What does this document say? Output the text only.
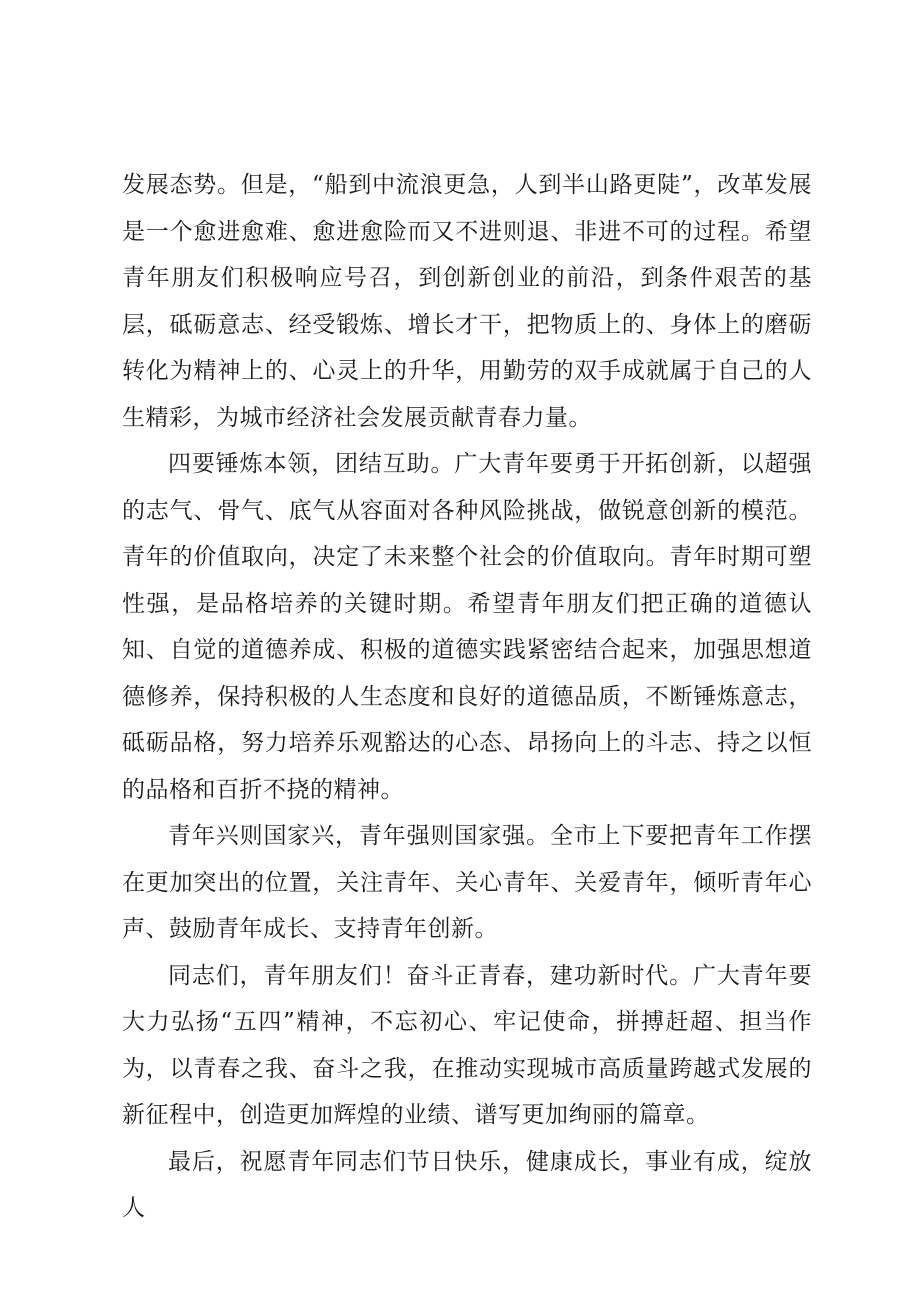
发展态势。但是，“船到中流浪更急，人到半山路更陡”，改革发展是一个愈进愈难、愈进愈险而又不进则退、非进不可的过程。希望青年朋友们积极响应号召，到创新创业的前沿，到条件艰苦的基层，砥砺意志、经受锻炼、增长才干，把物质上的、身体上的磨砺转化为精神上的、心灵上的升华，用勤劳的双手成就属于自己的人生精彩，为城市经济社会发展贡献青春力量。

四要锤炼本领，团结互助。广大青年要勇于开拓创新，以超强的志气、骨气、底气从容面对各种风险挑战，做锐意创新的模范。青年的价值取向，决定了未来整个社会的价值取向。青年时期可塑性强，是品格培养的关键时期。希望青年朋友们把正确的道德认知、自觉的道德养成、积极的道德实践紧密结合起来，加强思想道德修养，保持积极的人生态度和良好的道德品质，不断锤炼意志，砥砺品格，努力培养乐观豁达的心态、昂扬向上的斗志、持之以恒的品格和百折不挠的精神。

青年兴则国家兴，青年强则国家强。全市上下要把青年工作摆在更加突出的位置，关注青年、关心青年、关爱青年，倾听青年心声、鼓励青年成长、支持青年创新。

同志们，青年朋友们！奋斗正青春，建功新时代。广大青年要大力弘扬“五四”精神，不忘初心、牢记使命，拼搏赶超、担当作为，以青春之我、奋斗之我，在推动实现城市高质量跨越式发展的新征程中，创造更加辉煌的业绩、谱写更加绚丽的篇章。

最后，祝愿青年同志们节日快乐，健康成长，事业有成，绽放人
